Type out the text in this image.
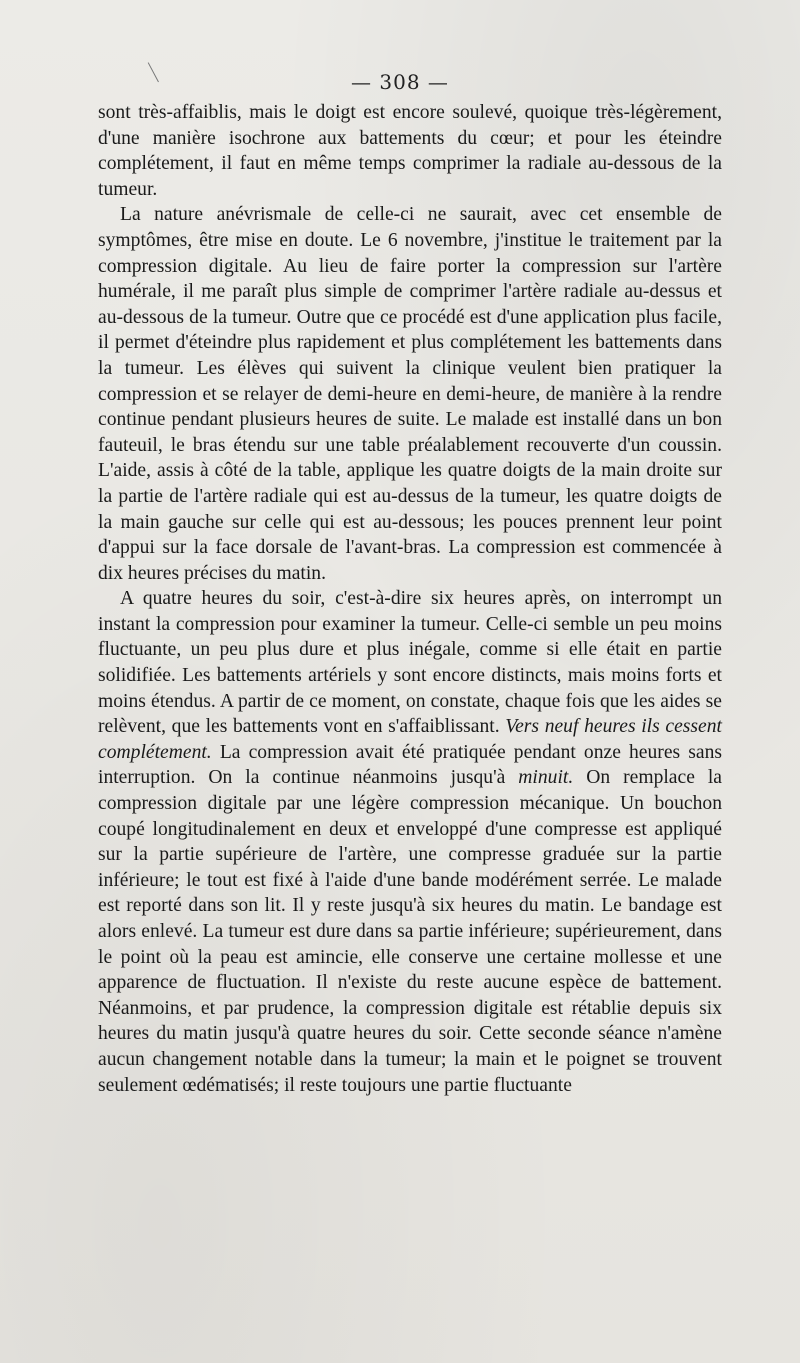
— 308 —

sont très-affaiblis, mais le doigt est encore soulevé, quoique très-légèrement, d'une manière isochrone aux battements du cœur; et pour les éteindre complétement, il faut en même temps comprimer la radiale au-dessous de la tumeur.

La nature anévrismale de celle-ci ne saurait, avec cet ensemble de symptômes, être mise en doute. Le 6 novembre, j'institue le traitement par la compression digitale. Au lieu de faire porter la compression sur l'artère humérale, il me paraît plus simple de comprimer l'artère radiale au-dessus et au-dessous de la tumeur. Outre que ce procédé est d'une application plus facile, il permet d'éteindre plus rapidement et plus complétement les battements dans la tumeur. Les élèves qui suivent la clinique veulent bien pratiquer la compression et se relayer de demi-heure en demi-heure, de manière à la rendre continue pendant plusieurs heures de suite. Le malade est installé dans un bon fauteuil, le bras étendu sur une table préalablement recouverte d'un coussin. L'aide, assis à côté de la table, applique les quatre doigts de la main droite sur la partie de l'artère radiale qui est au-dessus de la tumeur, les quatre doigts de la main gauche sur celle qui est au-dessous; les pouces prennent leur point d'appui sur la face dorsale de l'avant-bras. La compression est commencée à dix heures précises du matin.

A quatre heures du soir, c'est-à-dire six heures après, on interrompt un instant la compression pour examiner la tumeur. Celle-ci semble un peu moins fluctuante, un peu plus dure et plus inégale, comme si elle était en partie solidifiée. Les battements artériels y sont encore distincts, mais moins forts et moins étendus. A partir de ce moment, on constate, chaque fois que les aides se relèvent, que les battements vont en s'affaiblissant. Vers neuf heures ils cessent complétement. La compression avait été pratiquée pendant onze heures sans interruption. On la continue néanmoins jusqu'à minuit. On remplace la compression digitale par une légère compression mécanique. Un bouchon coupé longitudinalement en deux et enveloppé d'une compresse est appliqué sur la partie supérieure de l'artère, une compresse graduée sur la partie inférieure; le tout est fixé à l'aide d'une bande modérément serrée. Le malade est reporté dans son lit. Il y reste jusqu'à six heures du matin. Le bandage est alors enlevé. La tumeur est dure dans sa partie inférieure; supérieurement, dans le point où la peau est amincie, elle conserve une certaine mollesse et une apparence de fluctuation. Il n'existe du reste aucune espèce de battement. Néanmoins, et par prudence, la compression digitale est rétablie depuis six heures du matin jusqu'à quatre heures du soir. Cette seconde séance n'amène aucun changement notable dans la tumeur; la main et le poignet se trouvent seulement œdématisés; il reste toujours une partie fluctuante
